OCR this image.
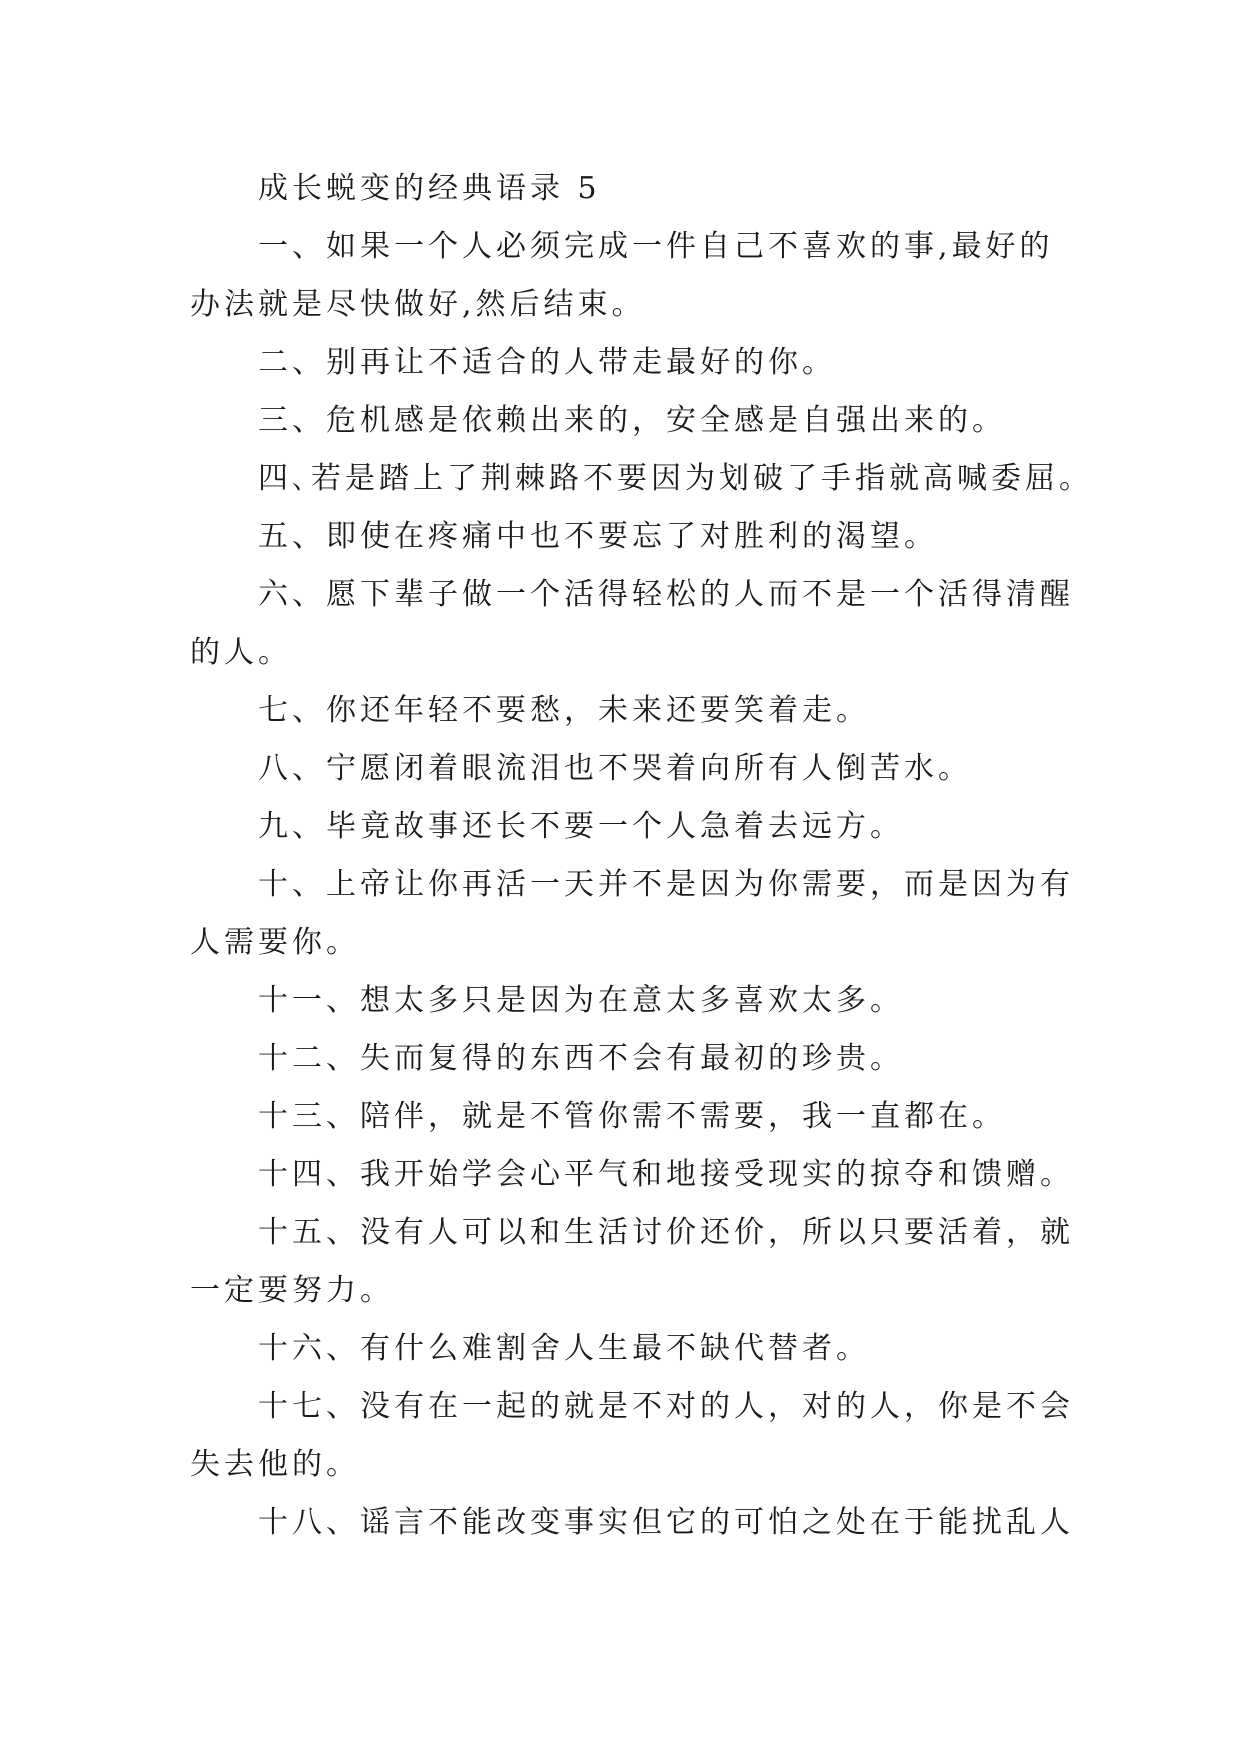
成长蜕变的经典语录 5
一、如果一个人必须完成一件自己不喜欢的事,最好的
办法就是尽快做好,然后结束。
二、别再让不适合的人带走最好的你。
三、危机感是依赖出来的，安全感是自强出来的。
四､若是踏上了荆棘路不要因为划破了手指就高喊委屈。
五、即使在疼痛中也不要忘了对胜利的渴望。
六、愿下辈子做一个活得轻松的人而不是一个活得清醒
的人。
七、你还年轻不要愁，未来还要笑着走。
八、宁愿闭着眼流泪也不哭着向所有人倒苦水。
九、毕竟故事还长不要一个人急着去远方。
十、上帝让你再活一天并不是因为你需要，而是因为有
人需要你。
十一、想太多只是因为在意太多喜欢太多。
十二、失而复得的东西不会有最初的珍贵。
十三、陪伴，就是不管你需不需要，我一直都在。
十四、我开始学会心平气和地接受现实的掠夺和馈赠。
十五、没有人可以和生活讨价还价，所以只要活着，就
一定要努力。
十六、有什么难割舍人生最不缺代替者。
十七、没有在一起的就是不对的人，对的人，你是不会
失去他的。
十八、谣言不能改变事实但它的可怕之处在于能扰乱人
